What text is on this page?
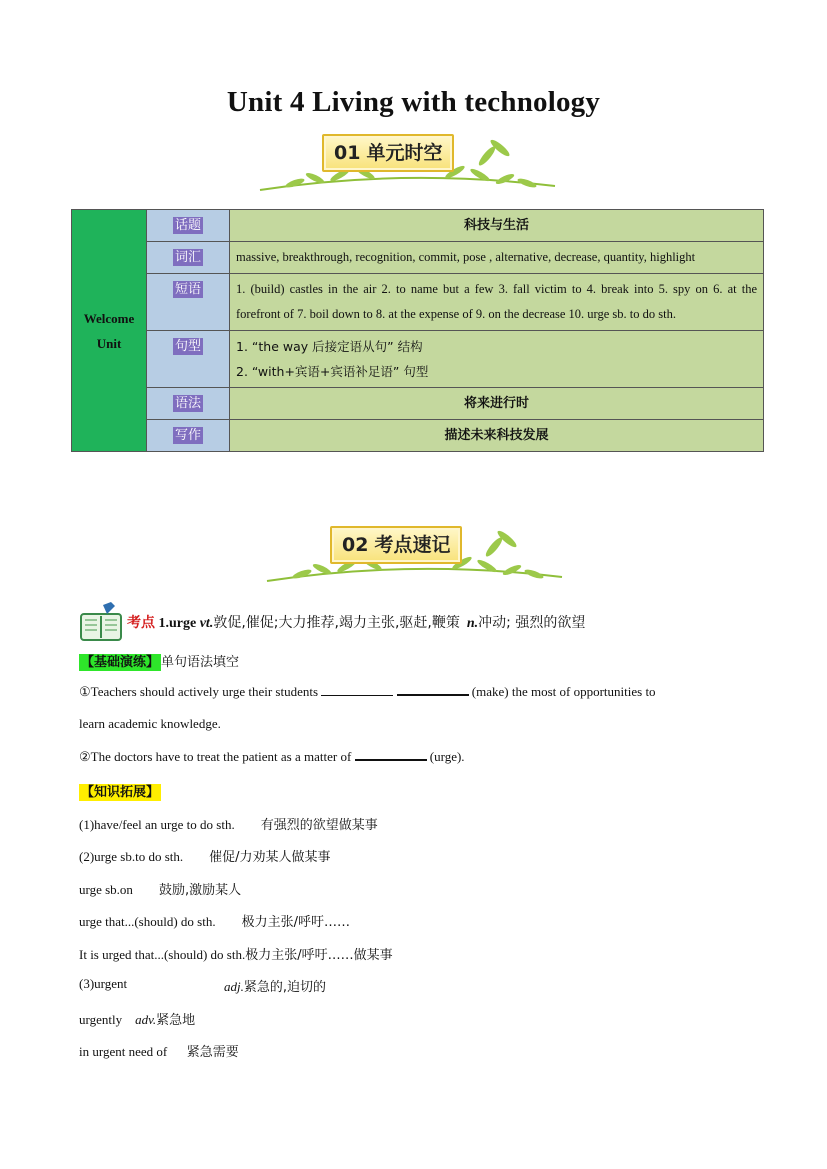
Unit 4 Living with technology
01 单元时空
Welcome
Unit	话题	科技与生活
	词汇	massive, breakthrough, recognition, commit, pose , alternative, decrease, quantity, highlight
	短语	1. (build) castles in the air 2. to name but a few 3. fall victim to 4. break into 5. spy on 6. at the forefront of 7. boil down to 8. at the expense of 9. on the decrease 10. urge sb. to do sth.
	句型	1. “the way 后接定语从句” 结构
2. “with+宾语+宾语补足语” 句型

	语法	将来进行时
	写作	描述未来科技发展
02 考点速记
考点 1.urge vt.敦促,催促;大力推荐,竭力主张,驱赶,鞭策 n.冲动; 强烈的欲望
【基础演练】 单句语法填空
①Teachers should actively urge their students	(make) the most of opportunities to
learn academic knowledge.
②The doctors have to treat the patient as a matter of	(urge).
【知识拓展】
(1)have/feel an urge to do sth. 有强烈的欲望做某事
(2)urge sb.to do sth. 催促/力劝某人做某事
urge sb.on 鼓励,激励某人
urge that...(should) do sth. 极力主张/呼吁……
It is urged that...(should) do sth.极力主张/呼吁……做某事
(3)urgent	adj.紧急的,迫切的
urgently adv.紧急地
in urgent need of 紧急需要
